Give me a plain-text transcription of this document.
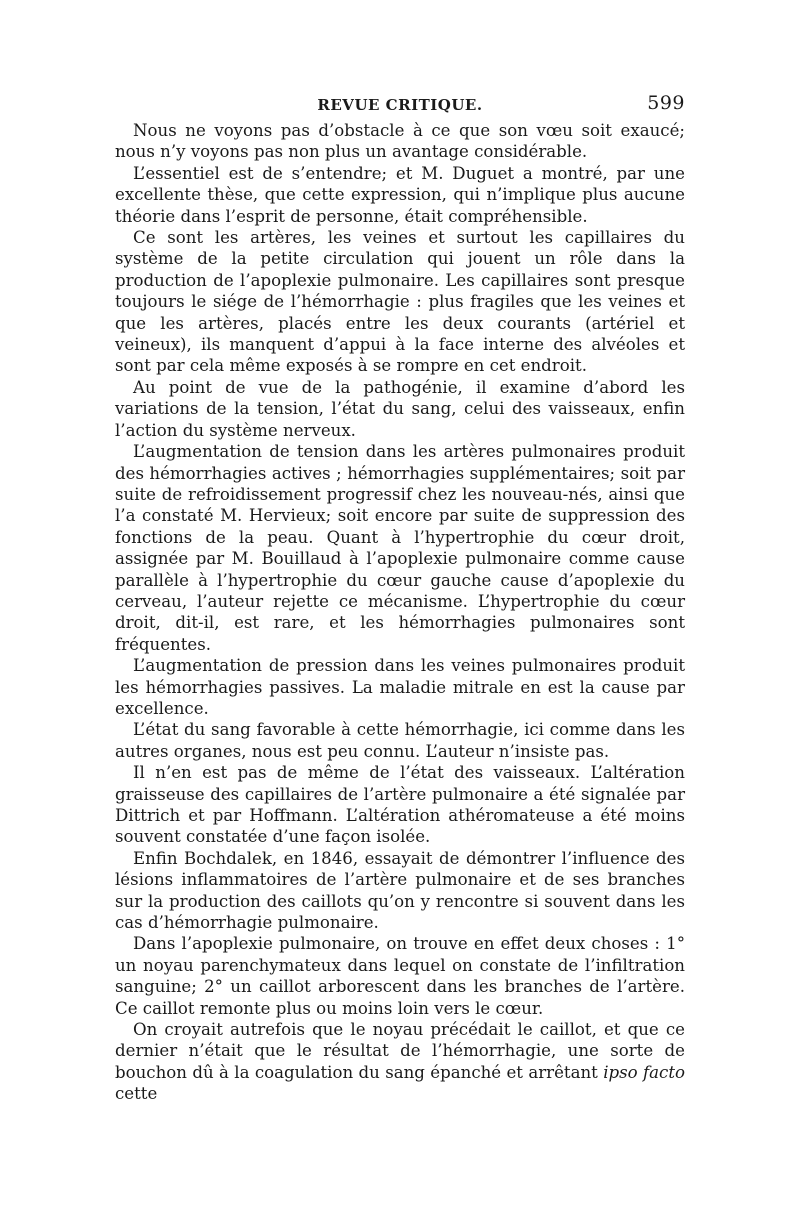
REVUE CRITIQUE.	599

Nous ne voyons pas d’obstacle à ce que son vœu soit exaucé; nous n’y voyons pas non plus un avantage considérable.

L’essentiel est de s’entendre; et M. Duguet a montré, par une excellente thèse, que cette expression, qui n’implique plus aucune théorie dans l’esprit de personne, était compréhensible.

Ce sont les artères, les veines et surtout les capillaires du système de la petite circulation qui jouent un rôle dans la production de l’apoplexie pulmonaire. Les capillaires sont presque toujours le siége de l’hémorrhagie : plus fragiles que les veines et que les artères, placés entre les deux courants (artériel et veineux), ils manquent d’appui à la face interne des alvéoles et sont par cela même exposés à se rompre en cet endroit.

Au point de vue de la pathogénie, il examine d’abord les variations de la tension, l’état du sang, celui des vaisseaux, enfin l’action du système nerveux.

L’augmentation de tension dans les artères pulmonaires produit des hémorrhagies actives ; hémorrhagies supplémentaires; soit par suite de refroidissement progressif chez les nouveau-nés, ainsi que l’a constaté M. Hervieux; soit encore par suite de suppression des fonctions de la peau. Quant à l’hypertrophie du cœur droit, assignée par M. Bouillaud à l’apoplexie pulmonaire comme cause parallèle à l’hypertrophie du cœur gauche cause d’apoplexie du cerveau, l’auteur rejette ce mécanisme. L’hypertrophie du cœur droit, dit-il, est rare, et les hémorrhagies pulmonaires sont fréquentes.

L’augmentation de pression dans les veines pulmonaires produit les hémorrhagies passives. La maladie mitrale en est la cause par excellence.

L’état du sang favorable à cette hémorrhagie, ici comme dans les autres organes, nous est peu connu. L’auteur n’insiste pas.

Il n’en est pas de même de l’état des vaisseaux. L’altération graisseuse des capillaires de l’artère pulmonaire a été signalée par Dittrich et par Hoffmann. L’altération athéromateuse a été moins souvent constatée d’une façon isolée.

Enfin Bochdalek, en 1846, essayait de démontrer l’influence des lésions inflammatoires de l’artère pulmonaire et de ses branches sur la production des caillots qu’on y rencontre si souvent dans les cas d’hémorrhagie pulmonaire.

Dans l’apoplexie pulmonaire, on trouve en effet deux choses : 1° un noyau parenchymateux dans lequel on constate de l’infiltration sanguine; 2° un caillot arborescent dans les branches de l’artère. Ce caillot remonte plus ou moins loin vers le cœur.

On croyait autrefois que le noyau précédait le caillot, et que ce dernier n’était que le résultat de l’hémorrhagie, une sorte de bouchon dû à la coagulation du sang épanché et arrêtant ipso facto cette
